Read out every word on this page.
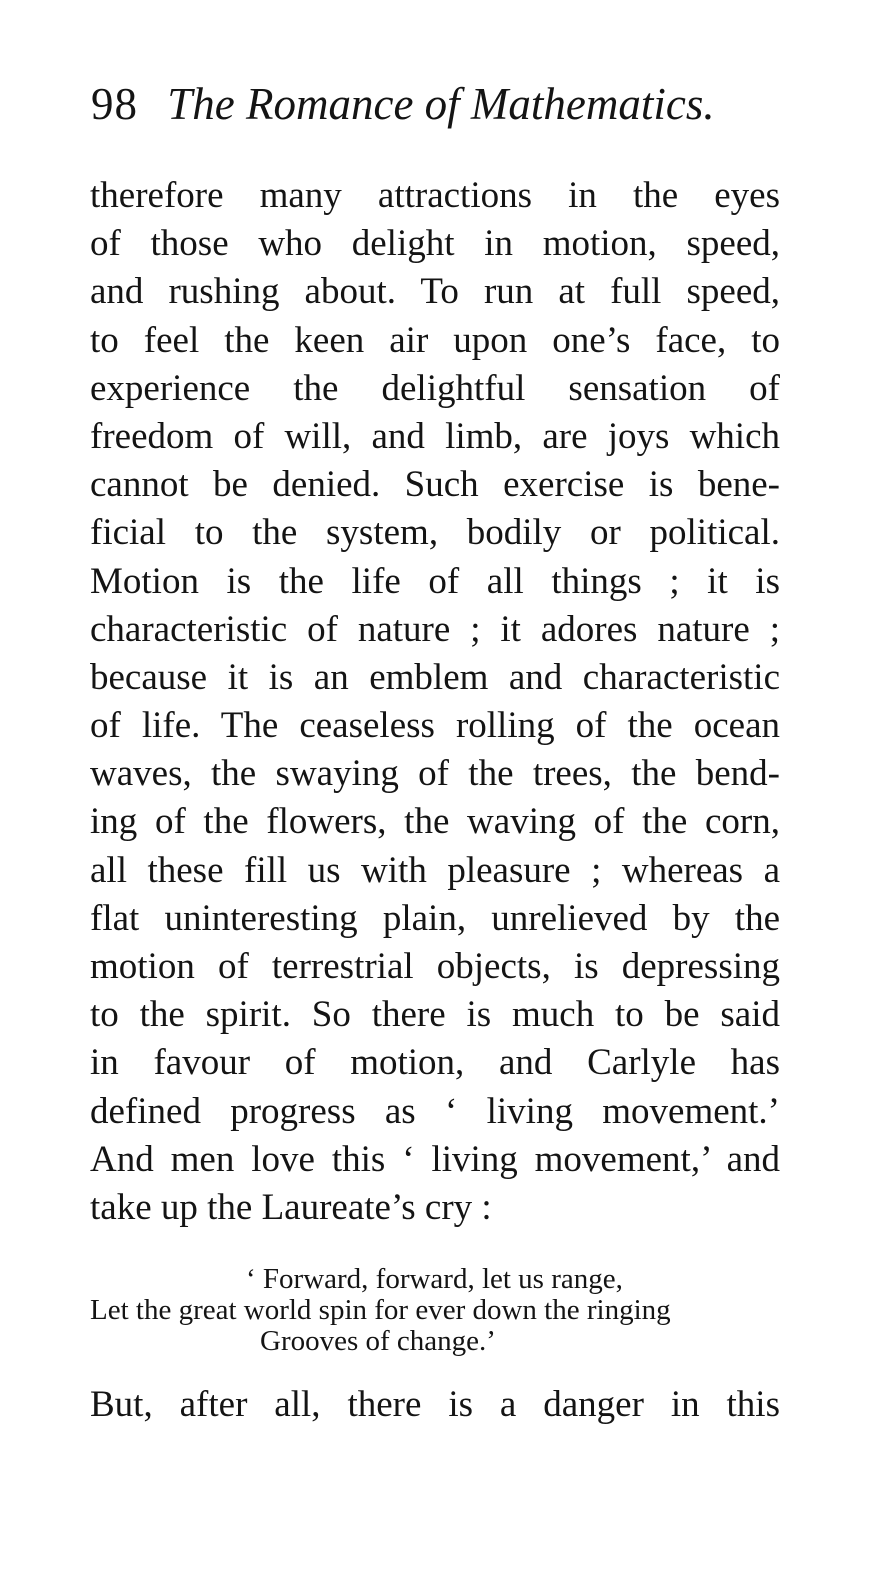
98 The Romance of Mathematics.
therefore many attractions in the eyes
of those who delight in motion, speed,
and rushing about. To run at full speed,
to feel the keen air upon one’s face, to
experience the delightful sensation of
freedom of will, and limb, are joys which
cannot be denied. Such exercise is bene-
ficial to the system, bodily or political.
Motion is the life of all things ; it is
characteristic of nature ; it adores nature ;
because it is an emblem and characteristic
of life. The ceaseless rolling of the ocean
waves, the swaying of the trees, the bend-
ing of the flowers, the waving of the corn,
all these fill us with pleasure ; whereas a
flat uninteresting plain, unrelieved by the
motion of terrestrial objects, is depressing
to the spirit. So there is much to be said
in favour of motion, and Carlyle has
defined progress as ‘ living movement.’
And men love this ‘ living movement,’ and
take up the Laureate’s cry :
‘ Forward, forward, let us range,
Let the great world spin for ever down the ringing
Grooves of change.’
But, after all, there is a danger in this
